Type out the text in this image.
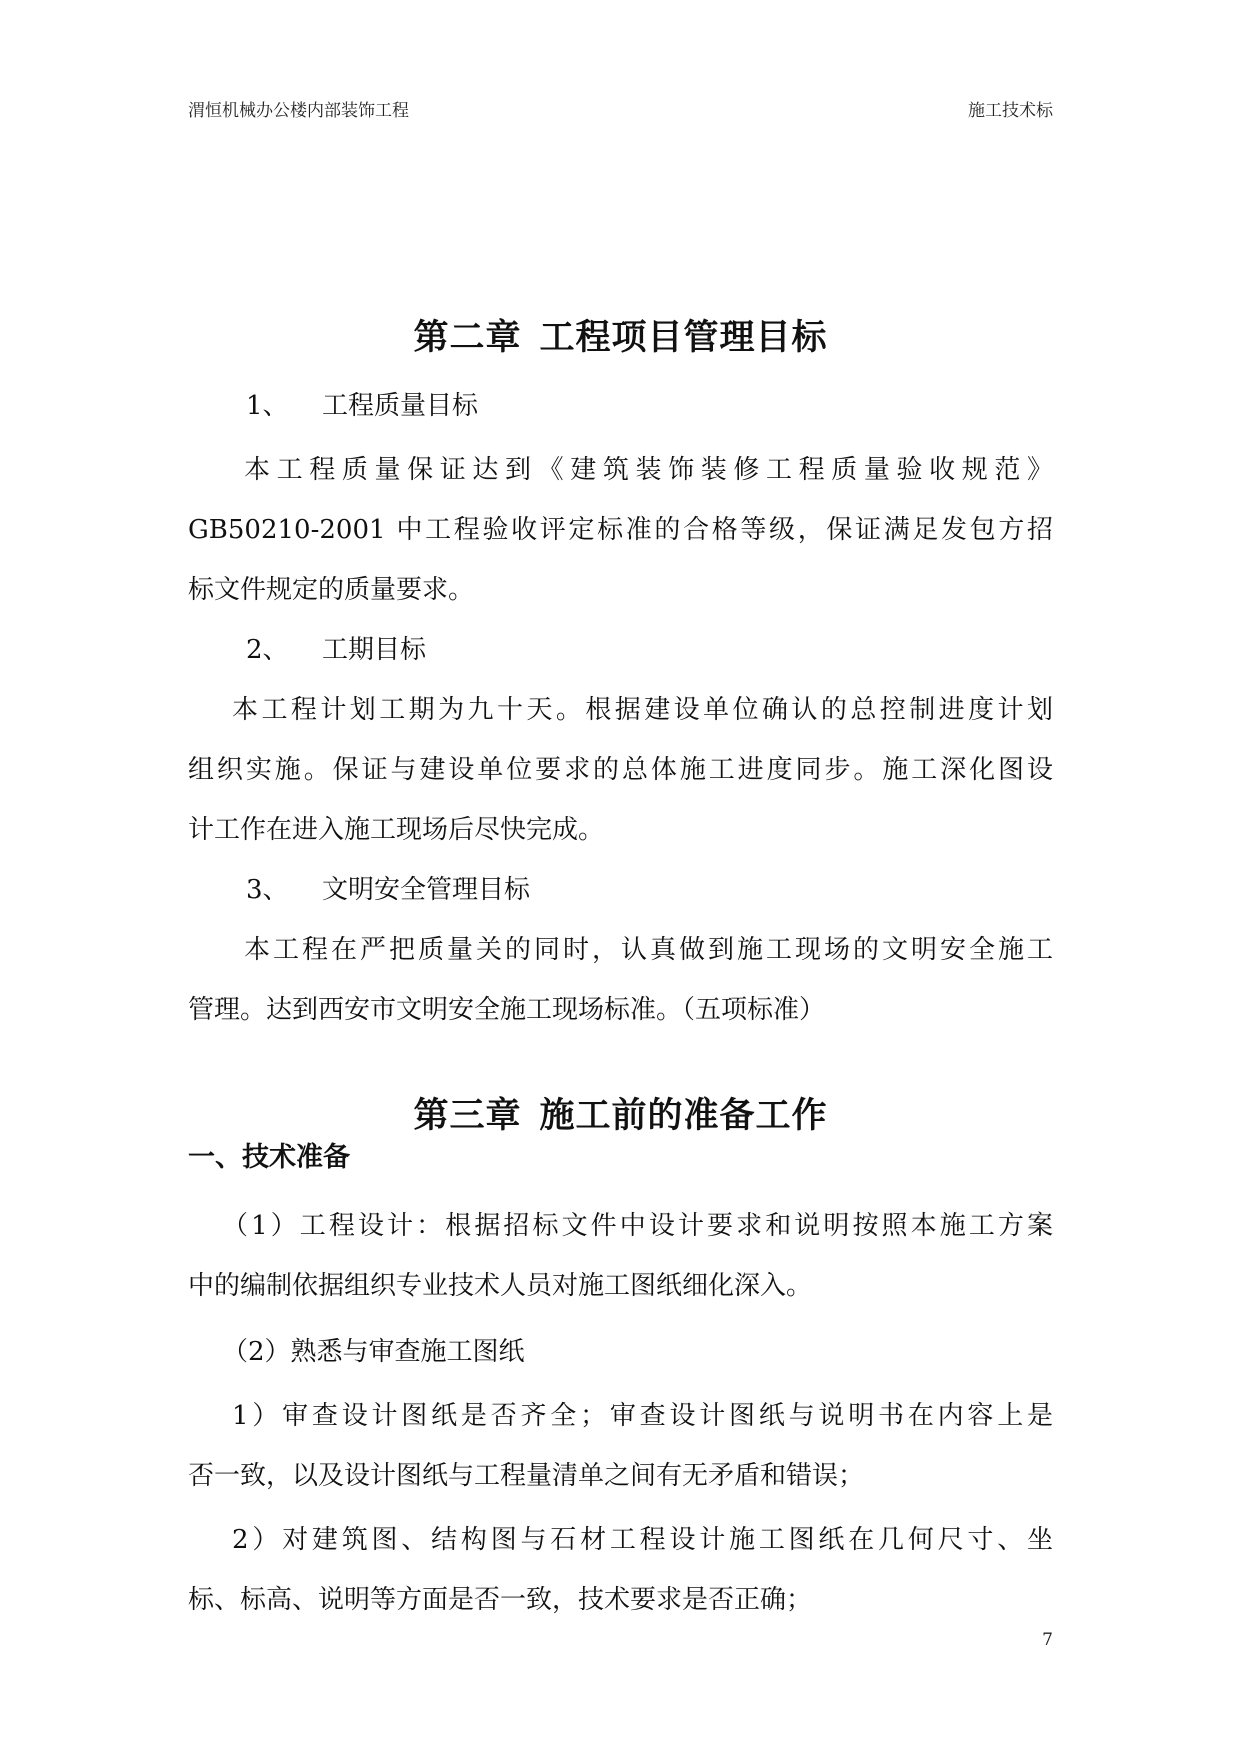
渭恒机械办公楼内部装饰工程	施工技术标
第二章 工程项目管理目标
1、 工程质量目标
本工程质量保证达到《建筑装饰装修工程质量验收规范》
GB50210-2001 中工程验收评定标准的合格等级，保证满足发包方招
标文件规定的质量要求。
2、 工期目标
本工程计划工期为九十天。根据建设单位确认的总控制进度计划
组织实施。保证与建设单位要求的总体施工进度同步。施工深化图设
计工作在进入施工现场后尽快完成。
3、 文明安全管理目标
本工程在严把质量关的同时，认真做到施工现场的文明安全施工
管理。达到西安市文明安全施工现场标准。（五项标准）
第三章 施工前的准备工作
一、技术准备
（1）工程设计：根据招标文件中设计要求和说明按照本施工方案
中的编制依据组织专业技术人员对施工图纸细化深入。
（2）熟悉与审查施工图纸
1）审查设计图纸是否齐全；审查设计图纸与说明书在内容上是
否一致，以及设计图纸与工程量清单之间有无矛盾和错误；
2）对建筑图、结构图与石材工程设计施工图纸在几何尺寸、坐
标、标高、说明等方面是否一致，技术要求是否正确；
7
